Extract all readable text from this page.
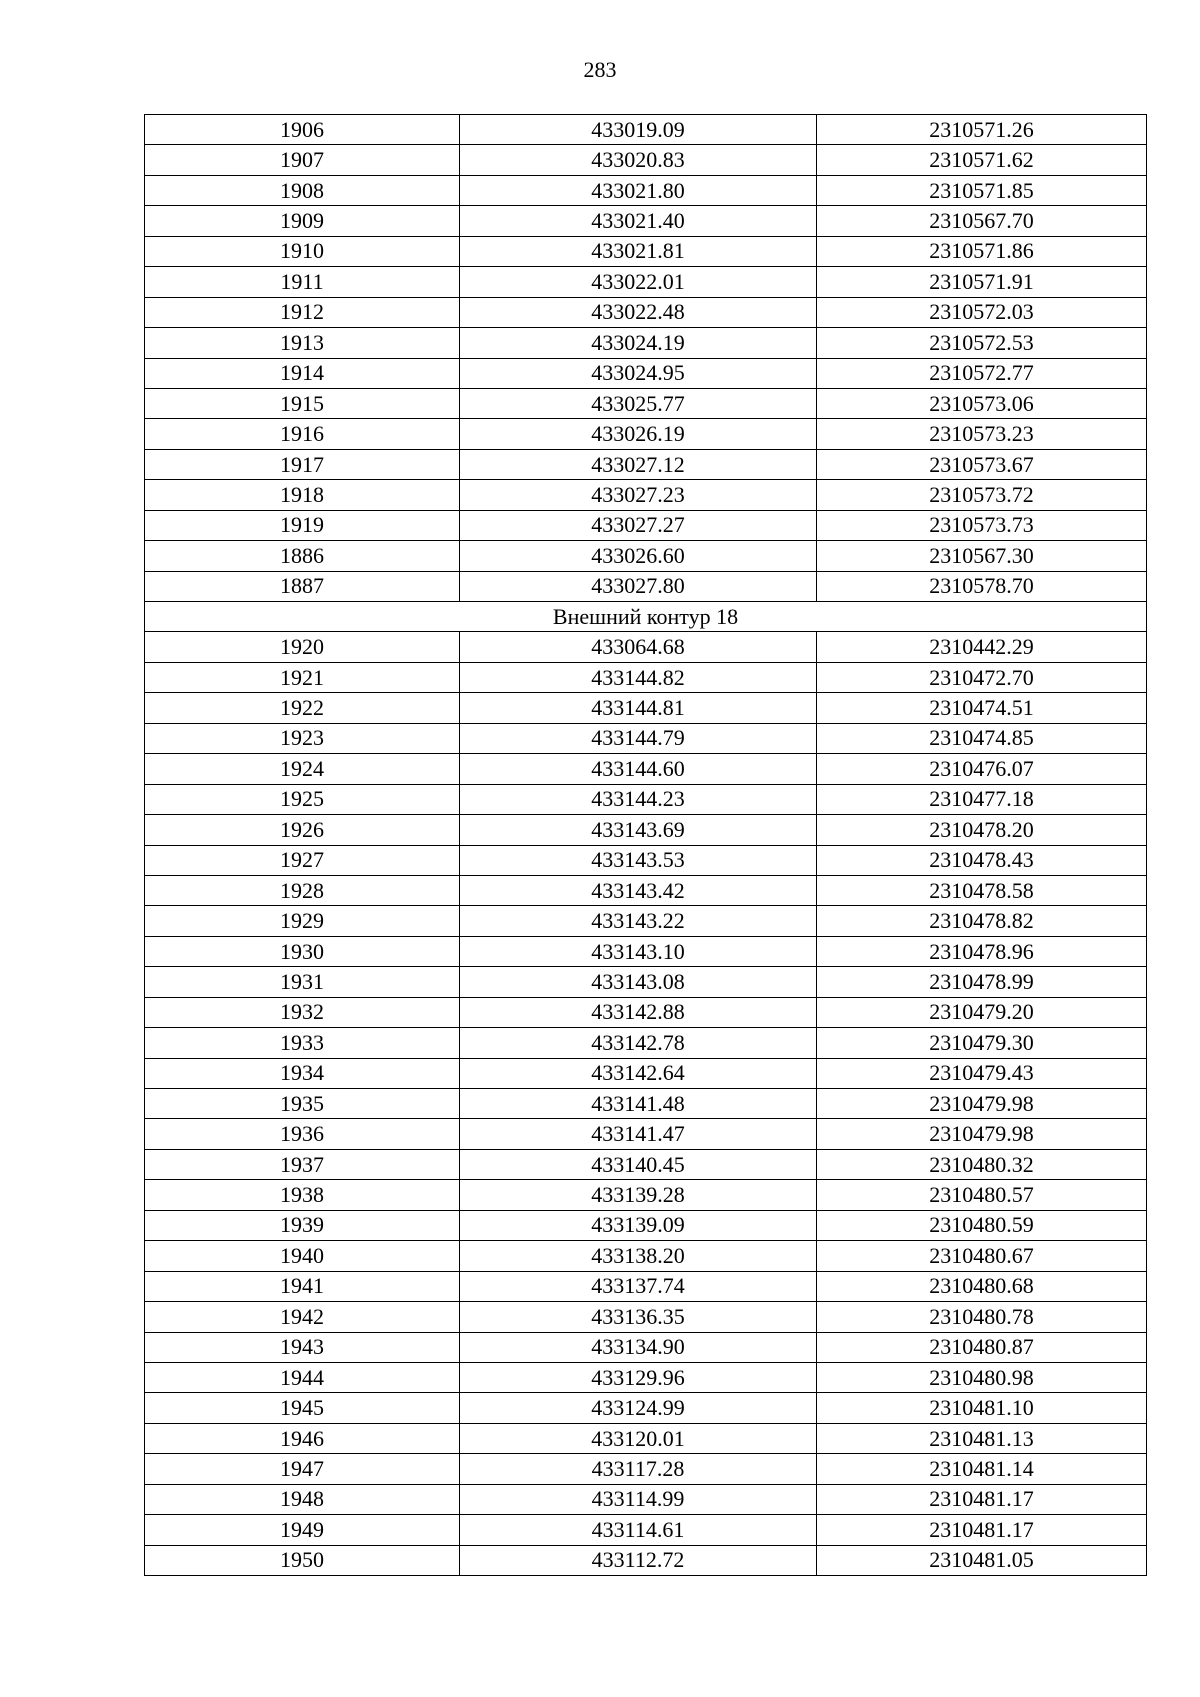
283
1906	433019.09	2310571.26
1907	433020.83	2310571.62
1908	433021.80	2310571.85
1909	433021.40	2310567.70
1910	433021.81	2310571.86
1911	433022.01	2310571.91
1912	433022.48	2310572.03
1913	433024.19	2310572.53
1914	433024.95	2310572.77
1915	433025.77	2310573.06
1916	433026.19	2310573.23
1917	433027.12	2310573.67
1918	433027.23	2310573.72
1919	433027.27	2310573.73
1886	433026.60	2310567.30
1887	433027.80	2310578.70
Внешний контур 18		
1920	433064.68	2310442.29
1921	433144.82	2310472.70
1922	433144.81	2310474.51
1923	433144.79	2310474.85
1924	433144.60	2310476.07
1925	433144.23	2310477.18
1926	433143.69	2310478.20
1927	433143.53	2310478.43
1928	433143.42	2310478.58
1929	433143.22	2310478.82
1930	433143.10	2310478.96
1931	433143.08	2310478.99
1932	433142.88	2310479.20
1933	433142.78	2310479.30
1934	433142.64	2310479.43
1935	433141.48	2310479.98
1936	433141.47	2310479.98
1937	433140.45	2310480.32
1938	433139.28	2310480.57
1939	433139.09	2310480.59
1940	433138.20	2310480.67
1941	433137.74	2310480.68
1942	433136.35	2310480.78
1943	433134.90	2310480.87
1944	433129.96	2310480.98
1945	433124.99	2310481.10
1946	433120.01	2310481.13
1947	433117.28	2310481.14
1948	433114.99	2310481.17
1949	433114.61	2310481.17
1950	433112.72	2310481.05
